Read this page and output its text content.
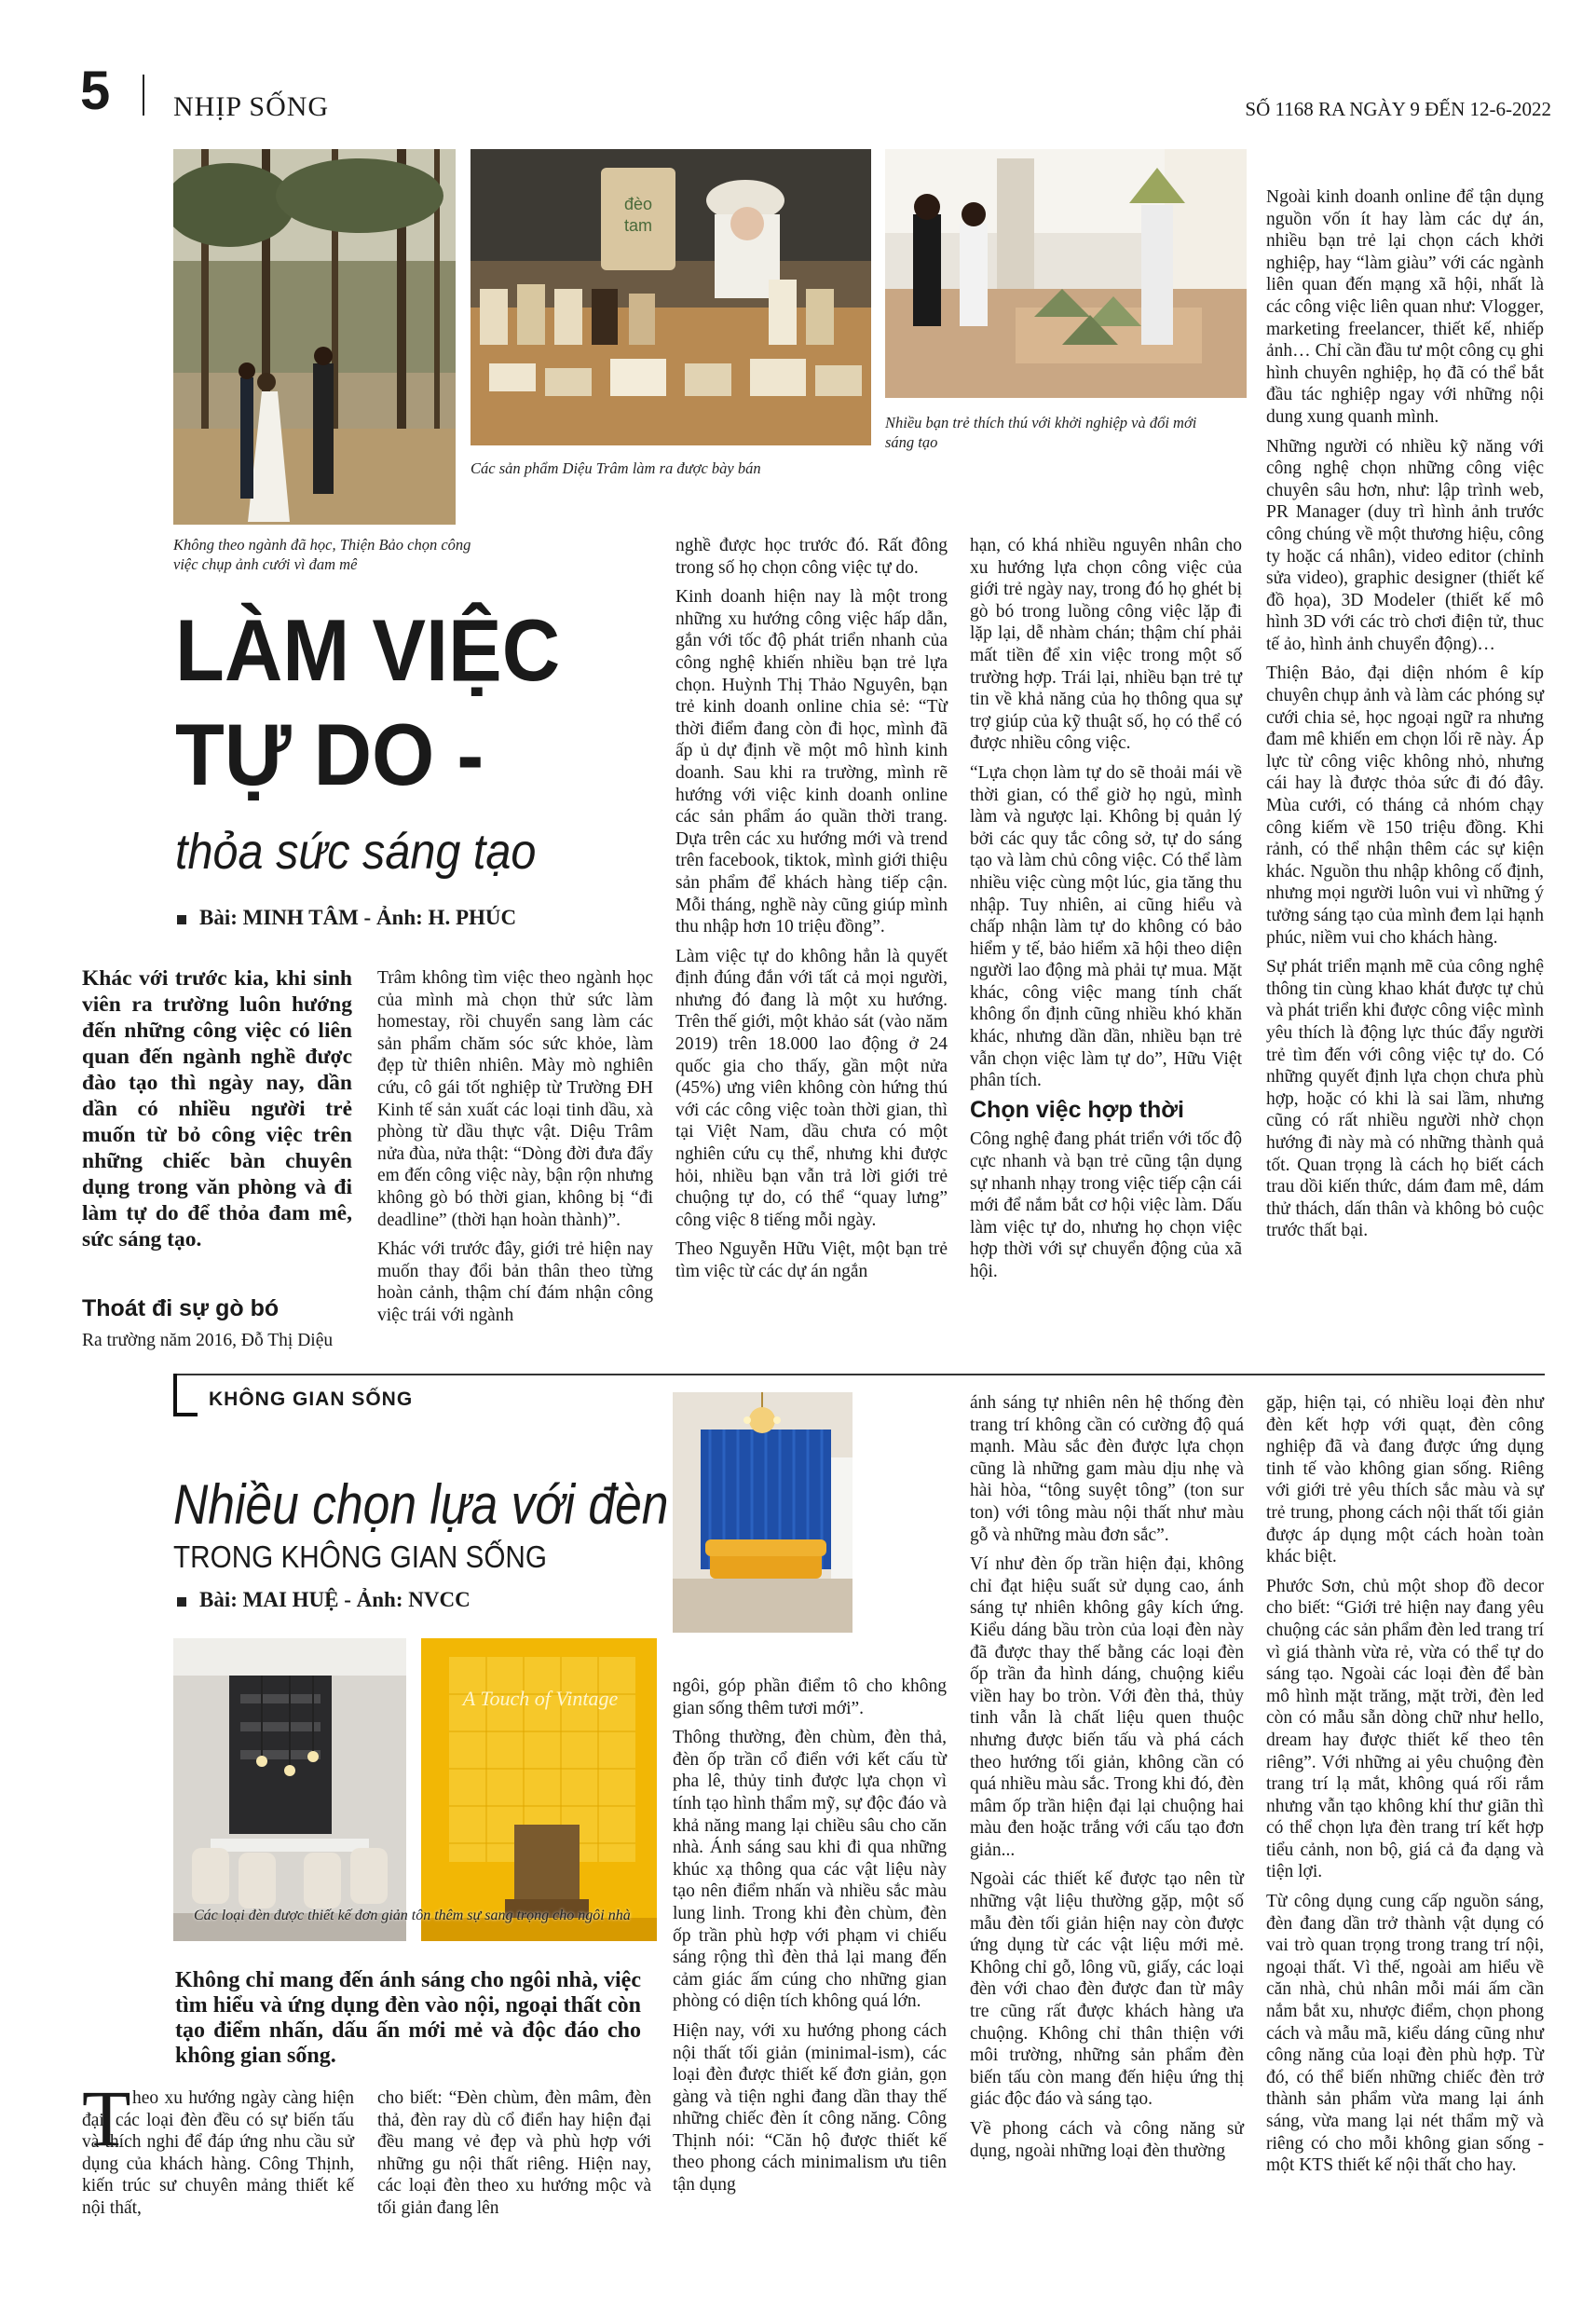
5 NHỊP SỐNG	SỐ 1168 RA NGÀY 9 ĐẾN 12-6-2022
Không theo ngành đã học, Thiện Bảo chọn công việc chụp ảnh cưới vì đam mê
đèo
tam
Các sản phẩm Diệu Trâm làm ra được bày bán
Nhiều bạn trẻ thích thú với khởi nghiệp và đổi mới sáng tạo
LÀM VIỆC
TỰ DO -
thỏa sức sáng tạo
Bài: MINH TÂM - Ảnh: H. PHÚC
Khác với trước kia, khi sinh viên ra trường luôn hướng đến những công việc có liên quan đến ngành nghề được đào tạo thì ngày nay, dần dần có nhiều người trẻ muốn từ bỏ công việc trên những chiếc bàn chuyên dụng trong văn phòng và đi làm tự do để thỏa đam mê, sức sáng tạo.
Thoát đi sự gò bó

Ra trường năm 2016, Đỗ Thị Diệu

Trâm không tìm việc theo ngành học của mình mà chọn thử sức làm homestay, rồi chuyển sang làm các sản phẩm chăm sóc sức khỏe, làm đẹp từ thiên nhiên. Mày mò nghiên cứu, cô gái tốt nghiệp từ Trường ĐH Kinh tế sản xuất các loại tinh dầu, xà phòng từ dầu thực vật. Diệu Trâm nửa đùa, nửa thật: “Dòng đời đưa đẩy em đến công việc này, bận rộn nhưng không gò bó thời gian, không bị “đi deadline” (thời hạn hoàn thành)”.

Khác với trước đây, giới trẻ hiện nay muốn thay đổi bản thân theo từng hoàn cảnh, thậm chí đám nhận công việc trái với ngành

nghề được học trước đó. Rất đông trong số họ chọn công việc tự do.

Kinh doanh hiện nay là một trong những xu hướng công việc hấp dẫn, gắn với tốc độ phát triển nhanh của công nghệ khiến nhiều bạn trẻ lựa chọn. Huỳnh Thị Thảo Nguyên, bạn trẻ kinh doanh online chia sẻ: “Từ thời điểm đang còn đi học, mình đã ấp ủ dự định về một mô hình kinh doanh. Sau khi ra trường, mình rẽ hướng với việc kinh doanh online các sản phẩm áo quần thời trang. Dựa trên các xu hướng mới và trend trên facebook, tiktok, mình giới thiệu sản phẩm để khách hàng tiếp cận. Mỗi tháng, nghề này cũng giúp mình thu nhập hơn 10 triệu đồng”.

Làm việc tự do không hẳn là quyết định đúng đắn với tất cả mọi người, nhưng đó đang là một xu hướng. Trên thế giới, một khảo sát (vào năm 2019) trên 18.000 lao động ở 24 quốc gia cho thấy, gần một nửa (45%) ưng viên không còn hứng thú với các công việc toàn thời gian, thì tại Việt Nam, dầu chưa có một nghiên cứu cụ thể, nhưng khi được hỏi, nhiều bạn vẫn trả lời giới trẻ chuộng tự do, có thể “quay lưng” công việc 8 tiếng mỗi ngày.

Theo Nguyễn Hữu Việt, một bạn trẻ tìm việc từ các dự án ngắn

hạn, có khá nhiều nguyên nhân cho xu hướng lựa chọn công việc của giới trẻ ngày nay, trong đó họ ghét bị gò bó trong luồng công việc lặp đi lặp lại, dễ nhàm chán; thậm chí phải mất tiền để xin việc trong một số trường hợp. Trái lại, nhiều bạn trẻ tự tin về khả năng của họ thông qua sự trợ giúp của kỹ thuật số, họ có thể có được nhiều công việc.

“Lựa chọn làm tự do sẽ thoải mái về thời gian, có thể giờ họ ngủ, mình làm và ngược lại. Không bị quản lý bởi các quy tắc công sở, tự do sáng tạo và làm chủ công việc. Có thể làm nhiều việc cùng một lúc, gia tăng thu nhập. Tuy nhiên, ai cũng hiểu và chấp nhận làm tự do không có bảo hiểm y tế, bảo hiểm xã hội theo diện người lao động mà phải tự mua. Mặt khác, công việc mang tính chất không ổn định cũng nhiều khó khăn khác, nhưng dần dần, nhiều bạn trẻ vẫn chọn việc làm tự do”, Hữu Việt phân tích.

Chọn việc hợp thời

Công nghệ đang phát triển với tốc độ cực nhanh và bạn trẻ cũng tận dụng sự nhanh nhạy trong việc tiếp cận cái mới để nắm bắt cơ hội việc làm. Dấu làm việc tự do, nhưng họ chọn việc hợp thời với sự chuyển động của xã hội.

Ngoài kinh doanh online để tận dụng nguồn vốn ít hay làm các dự án, nhiều bạn trẻ lại chọn cách khởi nghiệp, hay “làm giàu” với các ngành liên quan đến mạng xã hội, nhất là các công việc liên quan như: Vlogger, marketing freelancer, thiết kế, nhiếp ảnh… Chỉ cần đầu tư một công cụ ghi hình chuyên nghiệp, họ đã có thể bắt đầu tác nghiệp ngay với những nội dung xung quanh mình.

Những người có nhiều kỹ năng với công nghệ chọn những công việc chuyên sâu hơn, như: lập trình web, PR Manager (duy trì hình ảnh trước công chúng về một thương hiệu, công ty hoặc cá nhân), video editor (chỉnh sửa video), graphic designer (thiết kế đồ họa), 3D Modeler (thiết kế mô hình 3D với các trò chơi điện tử, thuc tế ảo, hình ảnh chuyển động)…

Thiện Bảo, đại diện nhóm ê kíp chuyên chụp ảnh và làm các phóng sự cưới chia sẻ, học ngoại ngữ ra nhưng đam mê khiến em chọn lối rẽ này. Áp lực từ công việc không nhỏ, nhưng cái hay là được thỏa sức đi đó đây. Mùa cưới, có tháng cả nhóm chạy công kiếm về 150 triệu đồng. Khi rảnh, có thể nhận thêm các sự kiện khác. Nguồn thu nhập không cố định, nhưng mọi người luôn vui vì những ý tưởng sáng tạo của mình đem lại hạnh phúc, niềm vui cho khách hàng.

Sự phát triển mạnh mẽ của công nghệ thông tin cùng khao khát được tự chủ và phát triển khi được công việc mình yêu thích là động lực thúc đẩy người trẻ tìm đến với công việc tự do. Có những quyết định lựa chọn chưa phù hợp, hoặc có khi là sai lầm, nhưng cũng có rất nhiều người nhờ chọn hướng đi này mà có những thành quả tốt. Quan trọng là cách họ biết cách trau dồi kiến thức, dám đam mê, dám thử thách, dấn thân và không bỏ cuộc trước thất bại.

KHÔNG GIAN SỐNG
Nhiều chọn lựa với đèn
TRONG KHÔNG GIAN SỐNG
Bài: MAI HUỆ - Ảnh: NVCC
A Touch of Vintage
Các loại đèn được thiết kế đơn giản tôn thêm sự sang trọng cho ngôi nhà
Không chỉ mang đến ánh sáng cho ngôi nhà, việc tìm hiểu và ứng dụng đèn vào nội, ngoại thất còn tạo điểm nhấn, dấu ấn mới mẻ và độc đáo cho không gian sống.
T heo xu hướng ngày càng hiện đại, các loại đèn đều có sự biến tấu và thích nghi để đáp ứng nhu cầu sử dụng của khách hàng. Công Thịnh, kiến trúc sư chuyên mảng thiết kế nội thất,

cho biết: “Đèn chùm, đèn mâm, đèn thả, đèn ray dù cổ điển hay hiện đại đều mang vẻ đẹp và phù hợp với những gu nội thất riêng. Hiện nay, các loại đèn theo xu hướng mộc và tối giản đang lên

ngôi, góp phần điểm tô cho không gian sống thêm tươi mới”.

Thông thường, đèn chùm, đèn thả, đèn ốp trần cổ điển với kết cấu từ pha lê, thủy tinh được lựa chọn vì tính tạo hình thẩm mỹ, sự độc đáo và khả năng mang lại chiều sâu cho căn nhà. Ánh sáng sau khi đi qua những khúc xạ thông qua các vật liệu này tạo nên điểm nhấn và nhiều sắc màu lung linh. Trong khi đèn chùm, đèn ốp trần phù hợp với phạm vi chiếu sáng rộng thì đèn thả lại mang đến cảm giác ấm cúng cho những gian phòng có diện tích không quá lớn.

Hiện nay, với xu hướng phong cách nội thất tối giản (minimal-ism), các loại đèn được thiết kế đơn giản, gọn gàng và tiện nghi đang dần thay thế những chiếc đèn ít công năng. Công Thịnh nói: “Căn hộ được thiết kế theo phong cách minimalism ưu tiên tận dụng

ánh sáng tự nhiên nên hệ thống đèn trang trí không cần có cường độ quá mạnh. Màu sắc đèn được lựa chọn cũng là những gam màu dịu nhẹ và hài hòa, “tông suyệt tông” (ton sur ton) với tông màu nội thất như màu gỗ và những màu đơn sắc”.

Ví như đèn ốp trần hiện đại, không chỉ đạt hiệu suất sử dụng cao, ánh sáng tự nhiên không gây kích ứng. Kiểu dáng bầu tròn của loại đèn này đã được thay thế bằng các loại đèn ốp trần đa hình dáng, chuộng kiểu viền hay bo tròn. Với đèn thả, thủy tinh vẫn là chất liệu quen thuộc nhưng được biến tấu và phá cách theo hướng tối giản, không cần có quá nhiều màu sắc. Trong khi đó, đèn mâm ốp trần hiện đại lại chuộng hai màu đen hoặc trắng với cấu tạo đơn giản...

Ngoài các thiết kế được tạo nên từ những vật liệu thường gặp, một số mẫu đèn tối giản hiện nay còn được ứng dụng từ các vật liệu mới mẻ. Không chỉ gỗ, lông vũ, giấy, các loại đèn với chao đèn được đan từ mây tre cũng rất được khách hàng ưa chuộng. Không chỉ thân thiện với môi trường, những sản phẩm đèn biến tấu còn mang đến hiệu ứng thị giác độc đáo và sáng tạo.

Về phong cách và công năng sử dụng, ngoài những loại đèn thường

gặp, hiện tại, có nhiều loại đèn như đèn kết hợp với quạt, đèn công nghiệp đã và đang được ứng dụng tinh tế vào không gian sống. Riêng với giới trẻ yêu thích sắc màu và sự trẻ trung, phong cách nội thất tối giản được áp dụng một cách hoàn toàn khác biệt.

Phước Sơn, chủ một shop đồ decor cho biết: “Giới trẻ hiện nay đang yêu chuộng các sản phẩm đèn led trang trí vì giá thành vừa rẻ, vừa có thể tự do sáng tạo. Ngoài các loại đèn để bàn mô hình mặt trăng, mặt trời, đèn led còn có mẫu sẵn dòng chữ như hello, dream hay được thiết kế theo tên riêng”. Với những ai yêu chuộng đèn trang trí lạ mắt, không quá rối rắm nhưng vẫn tạo không khí thư giãn thì có thể chọn lựa đèn trang trí kết hợp tiểu cảnh, non bộ, giá cả đa dạng và tiện lợi.

Từ công dụng cung cấp nguồn sáng, đèn đang dần trở thành vật dụng có vai trò quan trọng trong trang trí nội, ngoại thất. Vì thế, ngoài am hiểu về căn nhà, chủ nhân mỗi mái ấm cần nắm bắt xu, nhược điểm, chọn phong cách và mẫu mã, kiểu dáng cũng như công năng của loại đèn phù hợp. Từ đó, có thể biến những chiếc đèn trở thành sản phẩm vừa mang lại ánh sáng, vừa mang lại nét thẩm mỹ và riêng có cho mỗi không gian sống - một KTS thiết kế nội thất cho hay.
